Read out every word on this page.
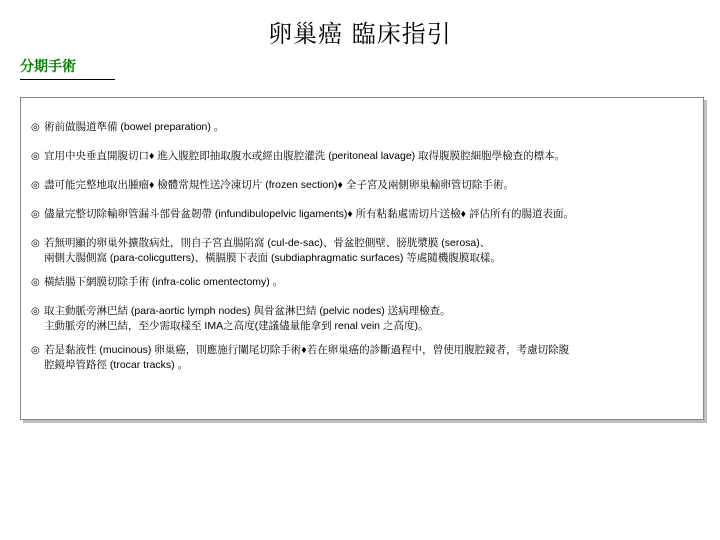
卵巢癌 臨床指引
分期手術
◎ 術前做腸道準備 (bowel preparation) 。
◎ 宜用中央垂直開腹切口♦ 進入腹腔即抽取腹水或經由腹腔灌洗 (peritoneal lavage) 取得腹膜腔細胞學檢查的標本。
◎ 盡可能完整地取出腫瘤♦ 檢體常規性送冷凍切片 (frozen section)♦ 全子宮及兩側卵巢輸卵管切除手術。
◎ 儘量完整切除輸卵管漏斗部骨盆韌帶 (infundibulopelvic ligaments)♦ 所有粘黏處需切片送檢♦ 評估所有的腸道表面。
◎ 若無明顯的卵巢外擴散病灶，則自子宮直腸陷窩 (cul-de-sac)、骨盆腔側壁、膀胱漿膜 (serosa)、
兩側大腸側窩 (para-colicgutters)、橫膈膜下表面 (subdiaphragmatic surfaces) 等處隨機腹膜取樣。
◎ 橫結腸下網膜切除手術 (infra-colic omentectomy) 。
◎ 取主動脈旁淋巴結 (para-aortic lymph nodes) 與骨盆淋巴結 (pelvic nodes) 送病理檢查。
主動脈旁的淋巴結，至少需取樣至 IMA之高度(建議儘量能拿到 renal vein 之高度)。
◎ 若是黏液性 (mucinous) 卵巢癌，則應施行闌尾切除手術♦若在卵巢癌的診斷過程中，曾使用腹腔鏡者，考慮切除腹
腔鏡埠管路徑 (trocar tracks) 。
